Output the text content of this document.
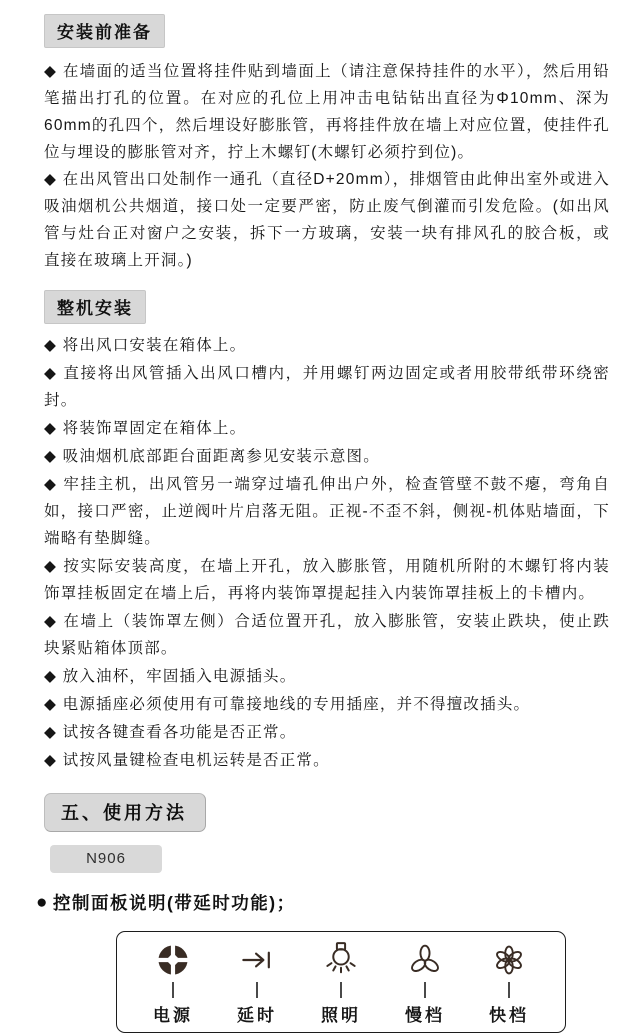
安装前准备

◆ 在墙面的适当位置将挂件贴到墙面上（请注意保持挂件的水平），然后用铅笔描出打孔的位置。在对应的孔位上用冲击电钻钻出直径为Φ10mm、深为60mm的孔四个，然后埋设好膨胀管，再将挂件放在墙上对应位置，使挂件孔位与埋设的膨胀管对齐，拧上木螺钉(木螺钉必须拧到位)。

◆ 在出风管出口处制作一通孔（直径D+20mm），排烟管由此伸出室外或进入吸油烟机公共烟道，接口处一定要严密，防止废气倒灌而引发危险。(如出风管与灶台正对窗户之安装，拆下一方玻璃，安装一块有排风孔的胶合板，或直接在玻璃上开洞。)

整机安装

◆ 将出风口安装在箱体上。

◆ 直接将出风管插入出风口槽内，并用螺钉两边固定或者用胶带纸带环绕密封。

◆ 将装饰罩固定在箱体上。

◆ 吸油烟机底部距台面距离参见安装示意图。

◆ 牢挂主机，出风管另一端穿过墙孔伸出户外，检查管壁不鼓不瘪，弯角自如，接口严密，止逆阀叶片启落无阻。正视-不歪不斜，侧视-机体贴墙面，下端略有垫脚缝。

◆ 按实际安装高度，在墙上开孔，放入膨胀管，用随机所附的木螺钉将内装饰罩挂板固定在墙上后，再将内装饰罩提起挂入内装饰罩挂板上的卡槽内。

◆ 在墙上（装饰罩左侧）合适位置开孔，放入膨胀管，安装止跌块，使止跌块紧贴箱体顶部。

◆ 放入油杯，牢固插入电源插头。

◆ 电源插座必须使用有可靠接地线的专用插座，并不得擅改插头。

◆ 试按各键查看各功能是否正常。

◆ 试按风量键检查电机运转是否正常。

五、使用方法
N906
● 控制面板说明(带延时功能)；
电源	延时	照明	慢档	快档
